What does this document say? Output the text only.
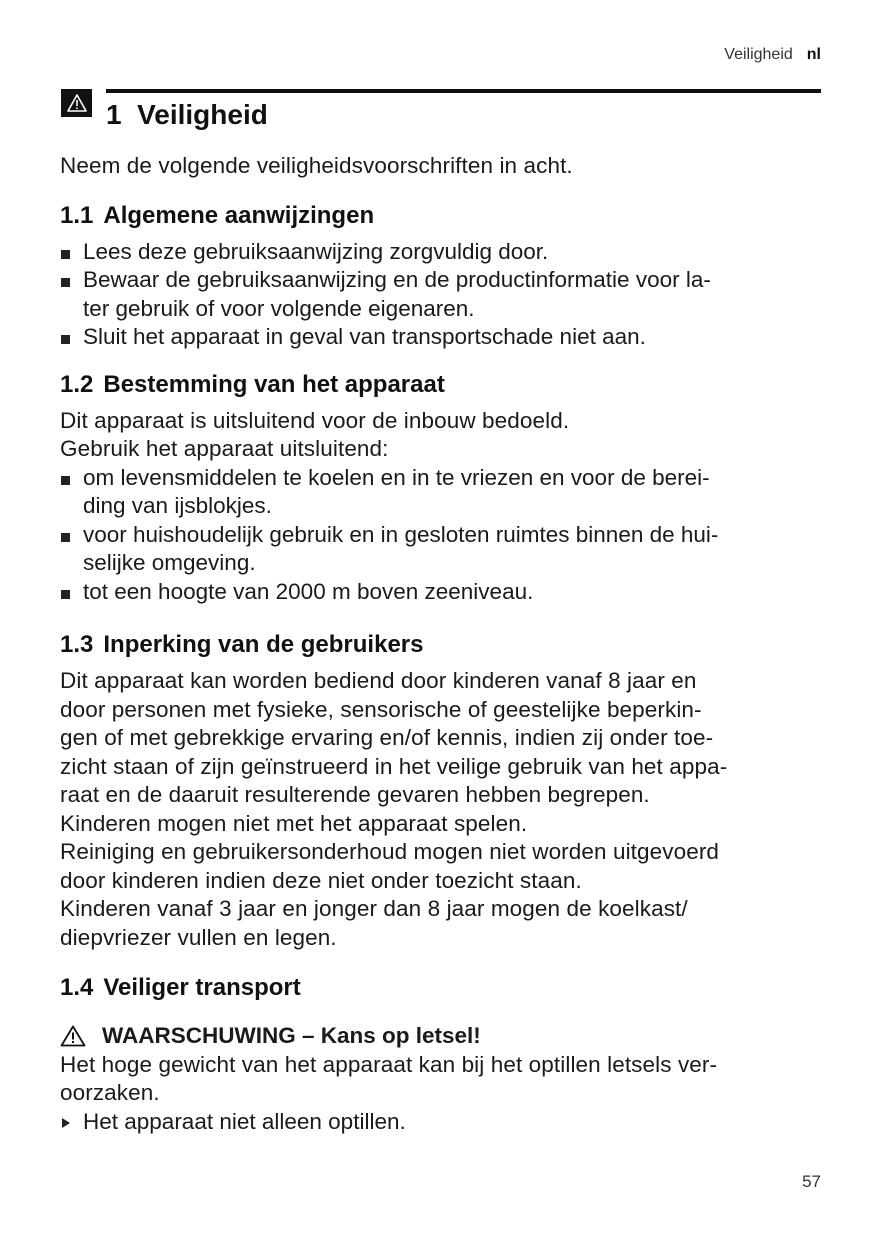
Veiligheid nl
1 Veiligheid

Neem de volgende veiligheidsvoorschriften in acht.

1.1 Algemene aanwijzingen
Lees deze gebruiksaanwijzing zorgvuldig door.
Bewaar de gebruiksaanwijzing en de productinformatie voor la-
ter gebruik of voor volgende eigenaren.
Sluit het apparaat in geval van transportschade niet aan.
1.2 Bestemming van het apparaat

Dit apparaat is uitsluitend voor de inbouw bedoeld.

Gebruik het apparaat uitsluitend:

om levensmiddelen te koelen en in te vriezen en voor de berei-
ding van ijsblokjes.
voor huishoudelijk gebruik en in gesloten ruimtes binnen de hui-
selijke omgeving.
tot een hoogte van 2000 m boven zeeniveau.
1.3 Inperking van de gebruikers

Dit apparaat kan worden bediend door kinderen vanaf 8 jaar en
door personen met fysieke, sensorische of geestelijke beperkin-
gen of met gebrekkige ervaring en/of kennis, indien zij onder toe-
zicht staan of zijn geïnstrueerd in het veilige gebruik van het appa-
raat en de daaruit resulterende gevaren hebben begrepen.

Kinderen mogen niet met het apparaat spelen.

Reiniging en gebruikersonderhoud mogen niet worden uitgevoerd
door kinderen indien deze niet onder toezicht staan.

Kinderen vanaf 3 jaar en jonger dan 8 jaar mogen de koelkast/
diepvriezer vullen en legen.

1.4 Veiliger transport
WAARSCHUWING – Kans op letsel!

Het hoge gewicht van het apparaat kan bij het optillen letsels ver-
oorzaken.

Het apparaat niet alleen optillen.
57
